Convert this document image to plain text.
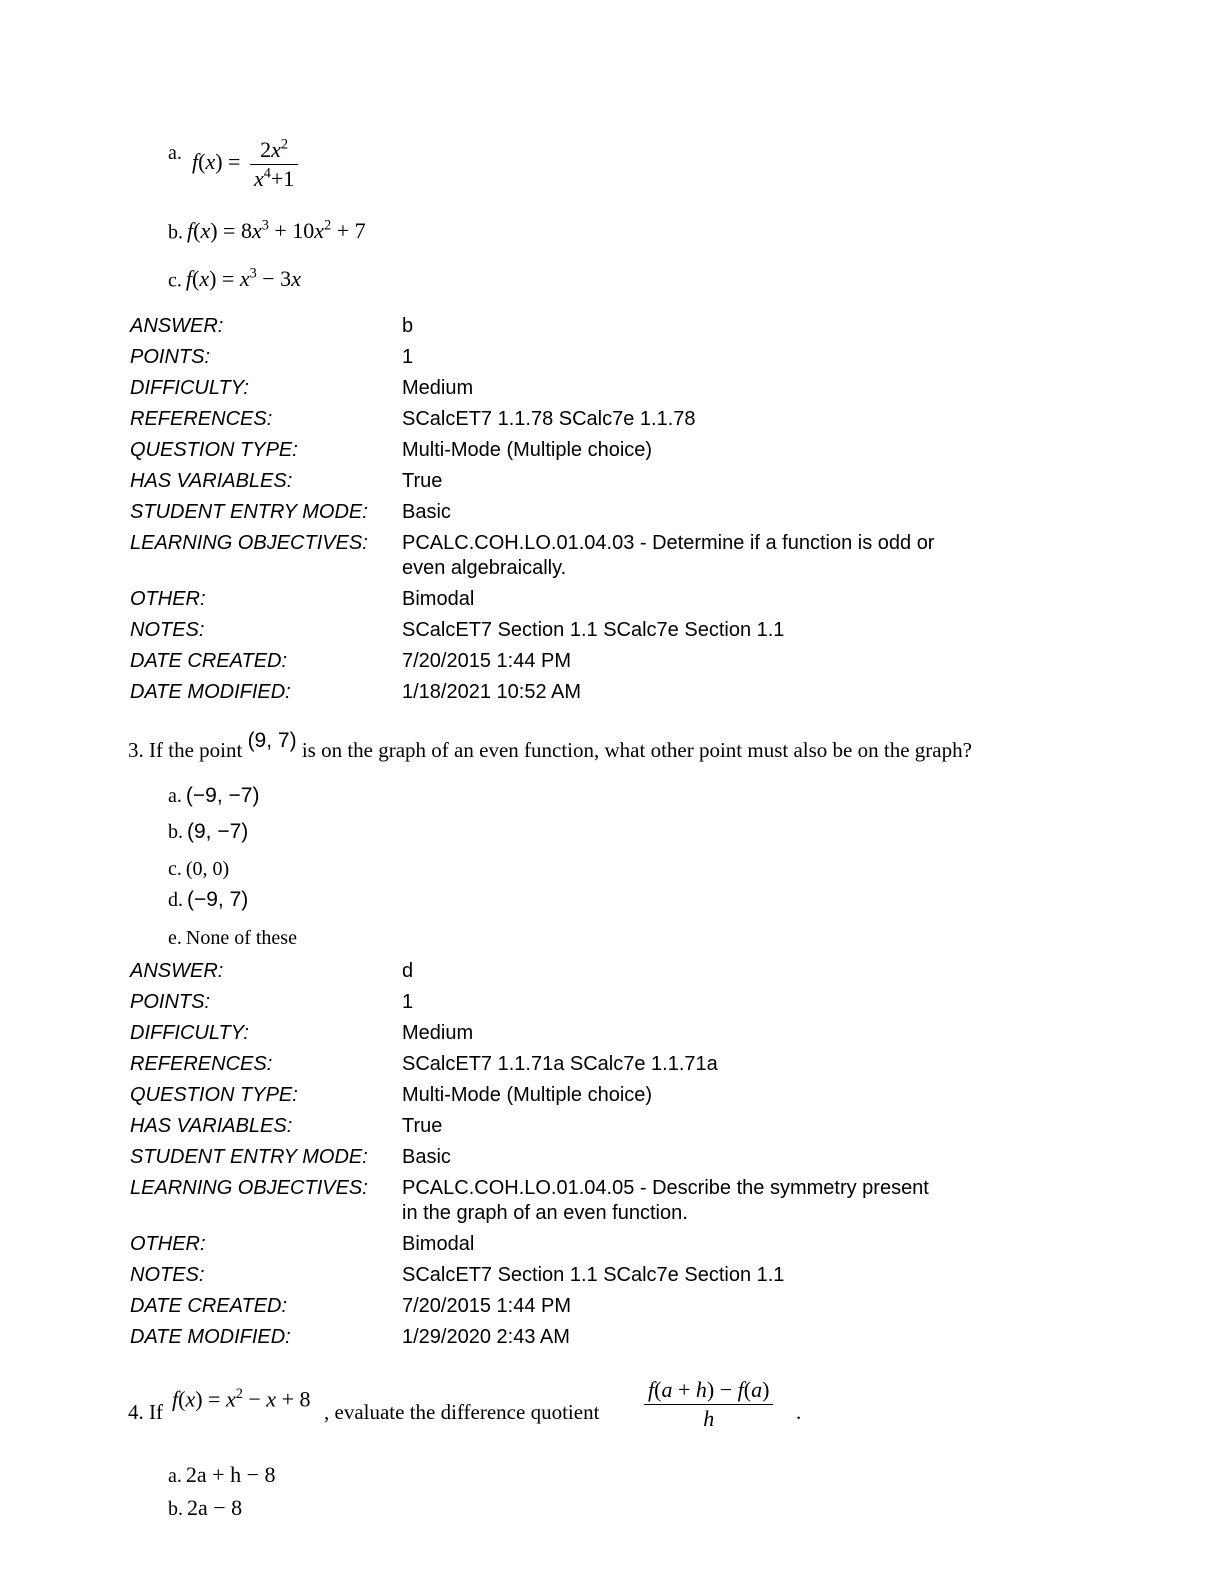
a. $f(x) = \frac{2x^2}{x^4+1}$
b. $f(x) = 8x^3 + 10x^2 + 7$
c. $f(x) = x^3 - 3x$
ANSWER:	b
POINTS:	1
DIFFICULTY:	Medium
REFERENCES:	SCalcET7 1.1.78 SCalc7e 1.1.78
QUESTION TYPE:	Multi-Mode (Multiple choice)
HAS VARIABLES:	True
STUDENT ENTRY MODE:	Basic
LEARNING OBJECTIVES:	PCALC.COH.LO.01.04.03 - Determine if a function is odd or even algebraically.
OTHER:	Bimodal
NOTES:	SCalcET7 Section 1.1 SCalc7e Section 1.1
DATE CREATED:	7/20/2015 1:44 PM
DATE MODIFIED:	1/18/2021 10:52 AM
3. If the point (9, 7) is on the graph of an even function, what other point must also be on the graph?
a. (−9, −7)
b. (9, −7)
c. (0, 0)
d. (−9, 7)
e. None of these
ANSWER:	d
POINTS:	1
DIFFICULTY:	Medium
REFERENCES:	SCalcET7 1.1.71a SCalc7e 1.1.71a
QUESTION TYPE:	Multi-Mode (Multiple choice)
HAS VARIABLES:	True
STUDENT ENTRY MODE:	Basic
LEARNING OBJECTIVES:	PCALC.COH.LO.01.04.05 - Describe the symmetry present in the graph of an even function.
OTHER:	Bimodal
NOTES:	SCalcET7 Section 1.1 SCalc7e Section 1.1
DATE CREATED:	7/20/2015 1:44 PM
DATE MODIFIED:	1/29/2020 2:43 AM
4. If
$f(x) = x^2 - x + 8$
, evaluate the difference quotient $\frac{f(a + h) - f(a)}{h}$ .
a. 2a + h − 8
b. 2a − 8
